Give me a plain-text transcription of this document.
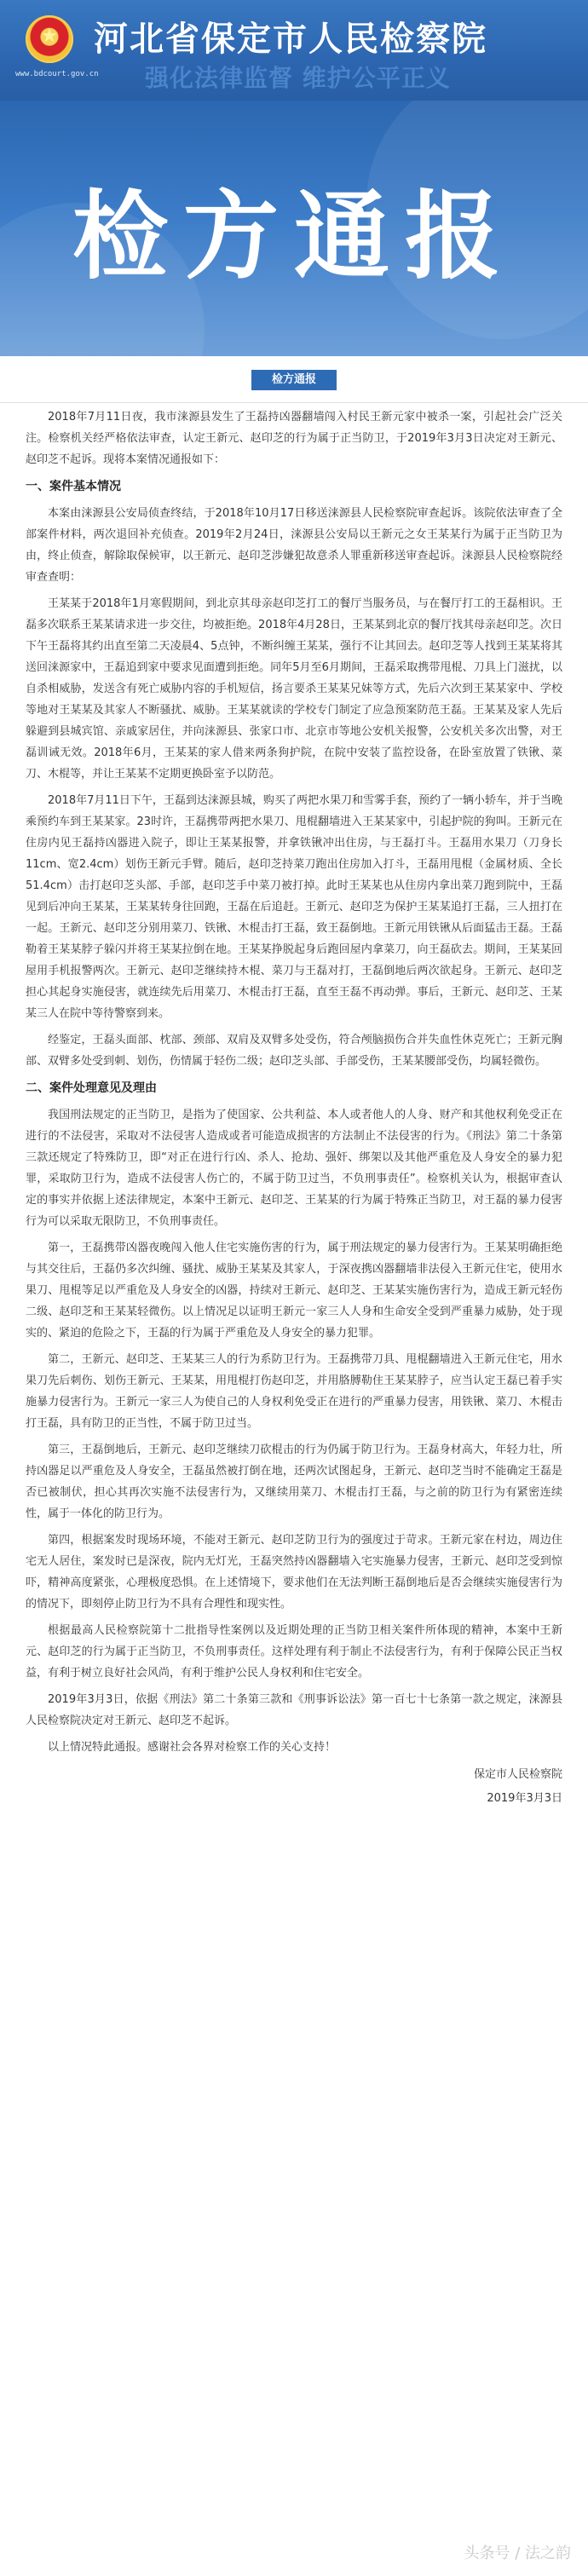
★
www.bdcourt.gov.cn
河北省保定市人民检察院
强化法律监督 维护公平正义
检方通报
检方通报

2018年7月11日夜，我市涞源县发生了王磊持凶器翻墙闯入村民王新元家中被杀一案，引起社会广泛关注。检察机关经严格依法审查，认定王新元、赵印芝的行为属于正当防卫，于2019年3月3日决定对王新元、赵印芝不起诉。现将本案情况通报如下：

一、案件基本情况

本案由涞源县公安局侦查终结，于2018年10月17日移送涞源县人民检察院审查起诉。该院依法审查了全部案件材料，两次退回补充侦查。2019年2月24日，涞源县公安局以王新元之女王某某行为属于正当防卫为由，终止侦查，解除取保候审，以王新元、赵印芝涉嫌犯故意杀人罪重新移送审查起诉。涞源县人民检察院经审查查明：

王某某于2018年1月寒假期间，到北京其母亲赵印芝打工的餐厅当服务员，与在餐厅打工的王磊相识。王磊多次联系王某某请求进一步交往，均被拒绝。2018年4月28日，王某某到北京的餐厅找其母亲赵印芝。次日下午王磊将其约出直至第二天凌晨4、5点钟，不断纠缠王某某，强行不让其回去。赵印芝等人找到王某某将其送回涞源家中，王磊追到家中要求见面遭到拒绝。同年5月至6月期间，王磊采取携带甩棍、刀具上门滋扰，以自杀相威胁，发送含有死亡威胁内容的手机短信，扬言要杀王某某兄妹等方式，先后六次到王某某家中、学校等地对王某某及其家人不断骚扰、威胁。王某某就读的学校专门制定了应急预案防范王磊。王某某及家人先后躲避到县城宾馆、亲戚家居住，并向涞源县、张家口市、北京市等地公安机关报警，公安机关多次出警，对王磊训诫无效。2018年6月，王某某的家人借来两条狗护院，在院中安装了监控设备，在卧室放置了铁锹、菜刀、木棍等，并让王某某不定期更换卧室予以防范。

2018年7月11日下午，王磊到达涞源县城，购买了两把水果刀和雪雾手套，预约了一辆小轿车，并于当晚乘预约车到王某某家。23时许，王磊携带两把水果刀、甩棍翻墙进入王某某家中，引起护院的狗叫。王新元在住房内见王磊持凶器进入院子，即让王某某报警，并拿铁锹冲出住房，与王磊打斗。王磊用水果刀（刀身长11cm、宽2.4cm）划伤王新元手臂。随后，赵印芝持菜刀跑出住房加入打斗，王磊用甩棍（金属材质、全长51.4cm）击打赵印芝头部、手部，赵印芝手中菜刀被打掉。此时王某某也从住房内拿出菜刀跑到院中，王磊见到后冲向王某某，王某某转身往回跑，王磊在后追赶。王新元、赵印芝为保护王某某追打王磊，三人扭打在一起。王新元、赵印芝分别用菜刀、铁锹、木棍击打王磊，致王磊倒地。王新元用铁锹从后面猛击王磊。王磊勒着王某某脖子躲闪并将王某某拉倒在地。王某某挣脱起身后跑回屋内拿菜刀，向王磊砍去。期间，王某某回屋用手机报警两次。王新元、赵印芝继续持木棍、菜刀与王磊对打，王磊倒地后两次欲起身。王新元、赵印芝担心其起身实施侵害，就连续先后用菜刀、木棍击打王磊，直至王磊不再动弹。事后，王新元、赵印芝、王某某三人在院中等待警察到来。

经鉴定，王磊头面部、枕部、颈部、双肩及双臂多处受伤，符合颅脑损伤合并失血性休克死亡；王新元胸部、双臂多处受到刺、划伤，伤情属于轻伤二级；赵印芝头部、手部受伤，王某某腰部受伤，均属轻微伤。

二、案件处理意见及理由

我国刑法规定的正当防卫，是指为了使国家、公共利益、本人或者他人的人身、财产和其他权利免受正在进行的不法侵害，采取对不法侵害人造成或者可能造成损害的方法制止不法侵害的行为。《刑法》第二十条第三款还规定了特殊防卫，即“对正在进行行凶、杀人、抢劫、强奸、绑架以及其他严重危及人身安全的暴力犯罪，采取防卫行为，造成不法侵害人伤亡的，不属于防卫过当，不负刑事责任”。检察机关认为，根据审查认定的事实并依据上述法律规定，本案中王新元、赵印芝、王某某的行为属于特殊正当防卫，对王磊的暴力侵害行为可以采取无限防卫，不负刑事责任。

第一，王磊携带凶器夜晚闯入他人住宅实施伤害的行为，属于刑法规定的暴力侵害行为。王某某明确拒绝与其交往后，王磊仍多次纠缠、骚扰、威胁王某某及其家人，于深夜携凶器翻墙非法侵入王新元住宅，使用水果刀、甩棍等足以严重危及人身安全的凶器，持续对王新元、赵印芝、王某某实施伤害行为，造成王新元轻伤二级、赵印芝和王某某轻微伤。以上情况足以证明王新元一家三人人身和生命安全受到严重暴力威胁，处于现实的、紧迫的危险之下，王磊的行为属于严重危及人身安全的暴力犯罪。

第二，王新元、赵印芝、王某某三人的行为系防卫行为。王磊携带刀具、甩棍翻墙进入王新元住宅，用水果刀先后刺伤、划伤王新元、王某某，用甩棍打伤赵印芝，并用胳膊勒住王某某脖子，应当认定王磊已着手实施暴力侵害行为。王新元一家三人为使自己的人身权利免受正在进行的严重暴力侵害，用铁锹、菜刀、木棍击打王磊，具有防卫的正当性，不属于防卫过当。

第三，王磊倒地后，王新元、赵印芝继续刀砍棍击的行为仍属于防卫行为。王磊身材高大，年轻力壮，所持凶器足以严重危及人身安全，王磊虽然被打倒在地，还两次试图起身，王新元、赵印芝当时不能确定王磊是否已被制伏，担心其再次实施不法侵害行为，又继续用菜刀、木棍击打王磊，与之前的防卫行为有紧密连续性，属于一体化的防卫行为。

第四，根据案发时现场环境，不能对王新元、赵印芝防卫行为的强度过于苛求。王新元家在村边，周边住宅无人居住，案发时已是深夜，院内无灯光，王磊突然持凶器翻墙入宅实施暴力侵害，王新元、赵印芝受到惊吓，精神高度紧张，心理极度恐惧。在上述情境下，要求他们在无法判断王磊倒地后是否会继续实施侵害行为的情况下，即刻停止防卫行为不具有合理性和现实性。

根据最高人民检察院第十二批指导性案例以及近期处理的正当防卫相关案件所体现的精神，本案中王新元、赵印芝的行为属于正当防卫，不负刑事责任。这样处理有利于制止不法侵害行为，有利于保障公民正当权益，有利于树立良好社会风尚，有利于维护公民人身权利和住宅安全。

2019年3月3日，依据《刑法》第二十条第三款和《刑事诉讼法》第一百七十七条第一款之规定，涞源县人民检察院决定对王新元、赵印芝不起诉。

以上情况特此通报。感谢社会各界对检察工作的关心支持！

保定市人民检察院
2019年3月3日
头条号 / 法之韵
